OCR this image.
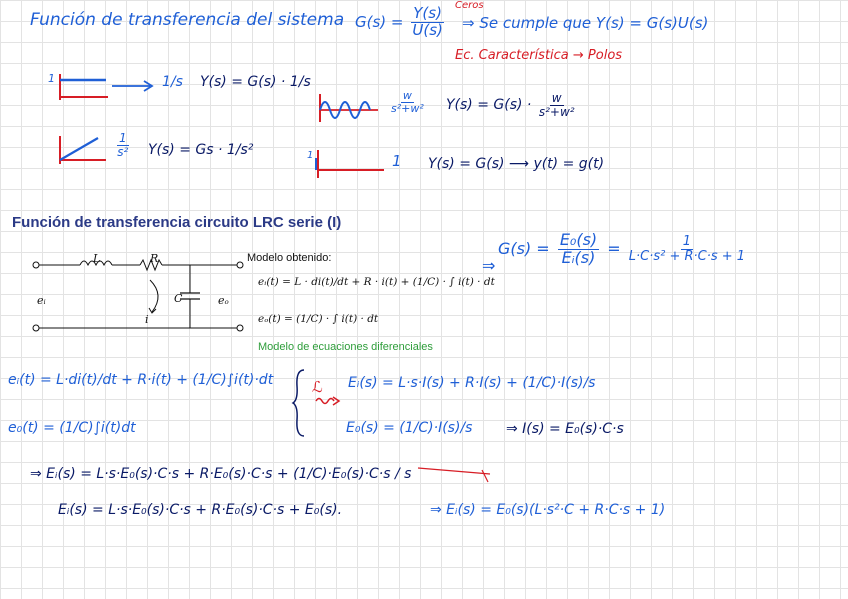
Función de transferencia del sistema $G(s) = \frac{Y(s)}{U(s)}$ ⇒ Se cumple que Y(s) = G(s)U(s)
Ceros
Ec. Característica → Polos
1	1/s Y(s) = G(s) · 1/s
$\frac{w}{\text{s²+w²}} Y(s) = G(s) \cdot \frac{w}{\text{s²+w²}}$
$\frac{1}{\text{s²}} Y(s) = Gs \cdot 1/s^2$	1	1 Y(s) = G(s) ⟶ y(t) = g(t)
Función de transferencia circuito LRC serie (I)
L	R
C
eᵢ	eₒ
i
Modelo obtenido:
eᵢ(t) = L · di(t)/dt + R · i(t) + (1/C) · ∫ i(t) · dt
eₒ(t) = (1/C) · ∫ i(t) · dt
Modelo de ecuaciones diferenciales
⇒
$G(s) = \frac{\text{E₀(s)}}{\text{Eᵢ(s)}} = \frac{1}{\text{L·C·s² + R·C·s + 1}}$
eᵢ(t) = L·di(t)/dt + R·i(t) + (1/C)∫i(t)·dt
e₀(t) = (1/C)∫i(t)dt
ℒ Eᵢ(s) = L·s·I(s) + R·I(s) + (1/C)·I(s)/s
E₀(s) = (1/C)·I(s)/s ⇒ I(s) = E₀(s)·C·s
⇒ Eᵢ(s) = L·s·E₀(s)·C·s + R·E₀(s)·C·s + (1/C)·E₀(s)·C·s / s
Eᵢ(s) = L·s·E₀(s)·C·s + R·E₀(s)·C·s + E₀(s).	⇒ Eᵢ(s) = E₀(s)(L·s²·C + R·C·s + 1)
